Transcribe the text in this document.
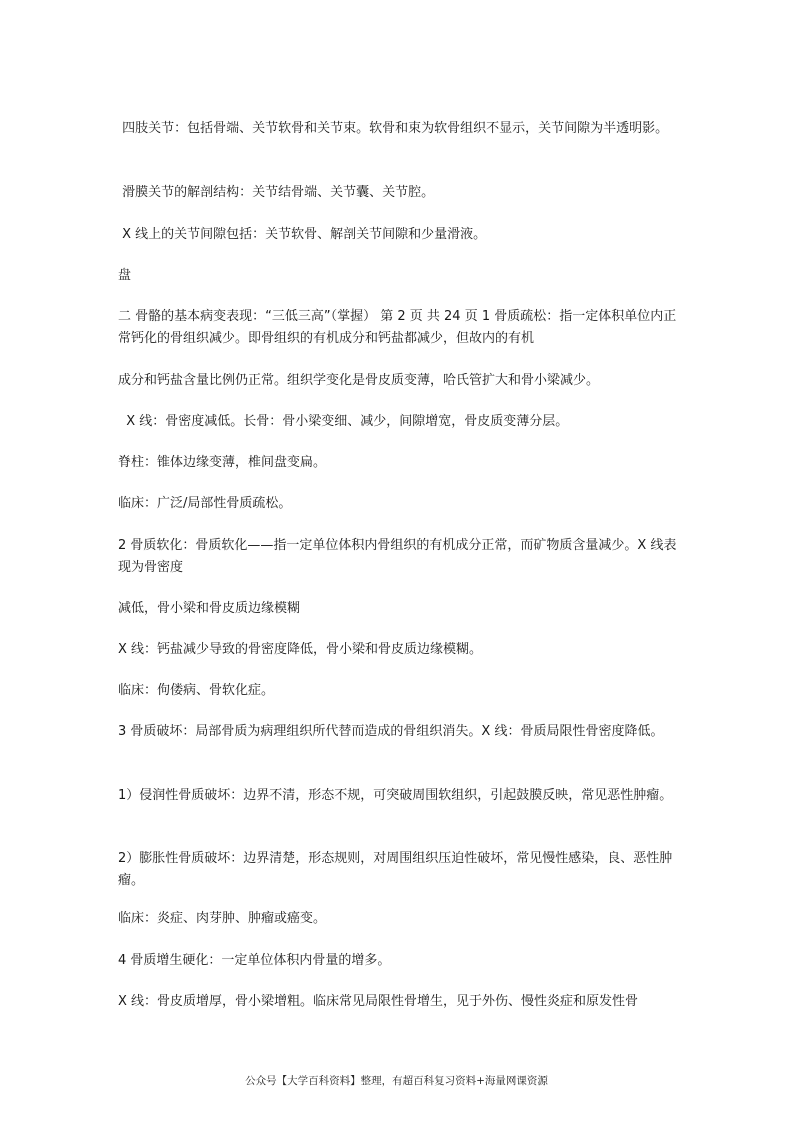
四肢关节：包括骨端、关节软骨和关节束。软骨和束为软骨组织不显示，关节间隙为半透明影。

滑膜关节的解剖结构：关节结骨端、关节囊、关节腔。

X 线上的关节间隙包括：关节软骨、解剖关节间隙和少量滑液。

盘

二 骨骼的基本病变表现：“三低三高”（掌握） 第 2 页 共 24 页 1 骨质疏松：指一定体积单位内正常钙化的骨组织减少。即骨组织的有机成分和钙盐都减少，但故内的有机

成分和钙盐含量比例仍正常。组织学变化是骨皮质变薄，哈氏管扩大和骨小梁减少。

X 线：骨密度减低。长骨：骨小梁变细、减少，间隙增宽，骨皮质变薄分层。

脊柱：锥体边缘变薄，椎间盘变扁。

临床：广泛/局部性骨质疏松。

2 骨质软化：骨质软化——指一定单位体积内骨组织的有机成分正常，而矿物质含量减少。X 线表现为骨密度

减低，骨小梁和骨皮质边缘模糊

X 线：钙盐减少导致的骨密度降低，骨小梁和骨皮质边缘模糊。

临床：佝偻病、骨软化症。

3 骨质破坏：局部骨质为病理组织所代替而造成的骨组织消失。X 线：骨质局限性骨密度降低。

1）侵润性骨质破坏：边界不清，形态不规，可突破周围软组织，引起鼓膜反映，常见恶性肿瘤。

2）膨胀性骨质破坏：边界清楚，形态规则，对周围组织压迫性破坏，常见慢性感染，良、恶性肿瘤。

临床：炎症、肉芽肿、肿瘤或癌变。

4 骨质增生硬化：一定单位体积内骨量的增多。

X 线：骨皮质增厚，骨小梁增粗。临床常见局限性骨增生，见于外伤、慢性炎症和原发性骨

公众号【大学百科资料】整理，有超百科复习资料+海量网课资源
